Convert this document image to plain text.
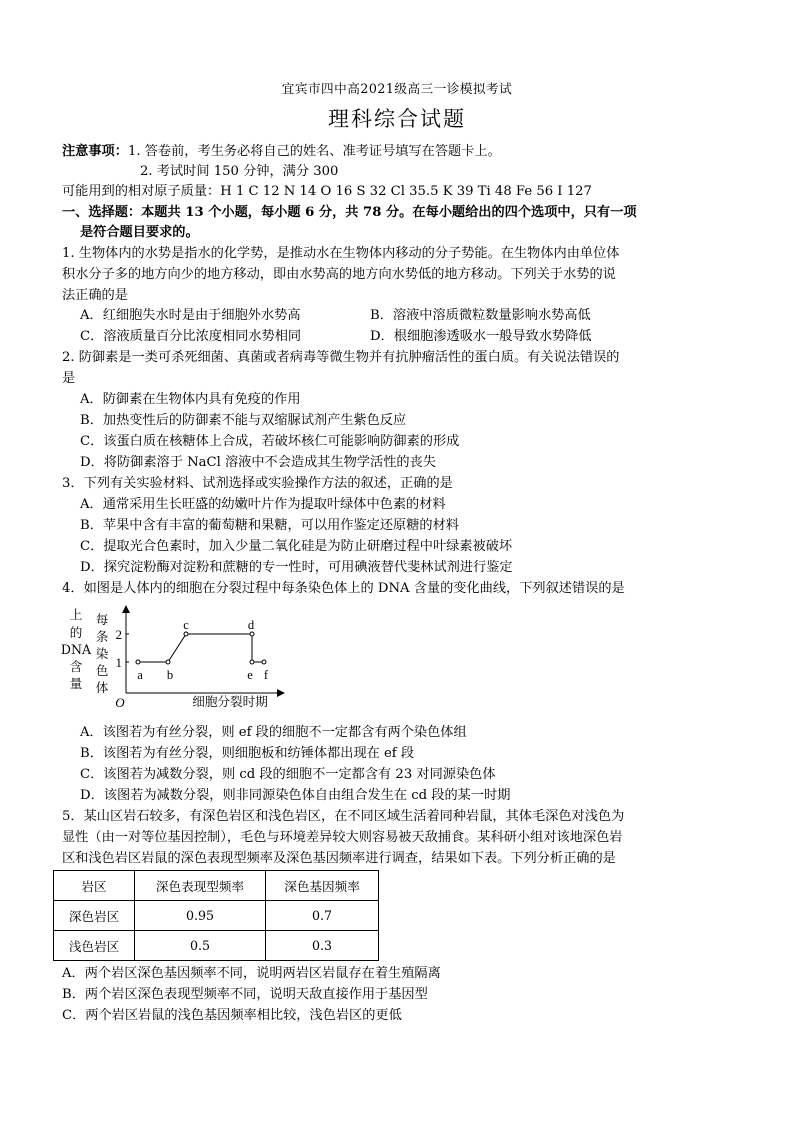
宜宾市四中高2021级高三一诊模拟考试
理科综合试题
注意事项：1. 答卷前，考生务必将自己的姓名、准考证号填写在答题卡上。
2. 考试时间 150 分钟，满分 300
可能用到的相对原子质量：H 1 C 12 N 14 O 16 S 32 Cl 35.5 K 39 Ti 48 Fe 56 I 127
一、选择题：本题共 13 个小题，每小题 6 分，共 78 分。在每小题给出的四个选项中，只有一项
是符合题目要求的。
1. 生物体内的水势是指水的化学势，是推动水在生物体内移动的分子势能。在生物体内由单位体
积水分子多的地方向少的地方移动，即由水势高的地方向水势低的地方移动。下列关于水势的说
法正确的是
A．红细胞失水时是由于细胞外水势高	B．溶液中溶质微粒数量影响水势高低
C．溶液质量百分比浓度相同水势相同	D．根细胞渗透吸水一般导致水势降低
2. 防御素是一类可杀死细菌、真菌或者病毒等微生物并有抗肿瘤活性的蛋白质。有关说法错误的
是
A．防御素在生物体内具有免疫的作用
B．加热变性后的防御素不能与双缩脲试剂产生紫色反应
C．该蛋白质在核糖体上合成，若破坏核仁可能影响防御素的形成
D．将防御素溶于 NaCl 溶液中不会造成其生物学活性的丧失
3．下列有关实验材料、试剂选择或实验操作方法的叙述，正确的是
A．通常采用生长旺盛的幼嫩叶片作为提取叶绿体中色素的材料
B．苹果中含有丰富的葡萄糖和果糖，可以用作鉴定还原糖的材料
C．提取光合色素时，加入少量二氧化硅是为防止研磨过程中叶绿素被破坏
D．探究淀粉酶对淀粉和蔗糖的专一性时，可用碘液替代斐林试剂进行鉴定
4．如图是人体内的细胞在分裂过程中每条染色体上的 DNA 含量的变化曲线，下列叙述错误的是
上
的
DNA
含
量
每
条
染
色
体
O	细胞分裂时期
1
2
a b
c	d
e f
A．该图若为有丝分裂，则 ef 段的细胞不一定都含有两个染色体组
B．该图若为有丝分裂，则细胞板和纺锤体都出现在 ef 段
C．该图若为减数分裂，则 cd 段的细胞不一定都含有 23 对同源染色体
D．该图若为减数分裂，则非同源染色体自由组合发生在 cd 段的某一时期
5．某山区岩石较多，有深色岩区和浅色岩区，在不同区域生活着同种岩鼠，其体毛深色对浅色为
显性（由一对等位基因控制），毛色与环境差异较大则容易被天敌捕食。某科研小组对该地深色岩
区和浅色岩区岩鼠的深色表现型频率及深色基因频率进行调查，结果如下表。下列分析正确的是
岩区	深色表现型频率	深色基因频率
深色岩区	0.95	0.7
浅色岩区	0.5	0.3
A．两个岩区深色基因频率不同，说明两岩区岩鼠存在着生殖隔离
B．两个岩区深色表现型频率不同，说明天敌直接作用于基因型
C．两个岩区岩鼠的浅色基因频率相比较，浅色岩区的更低
